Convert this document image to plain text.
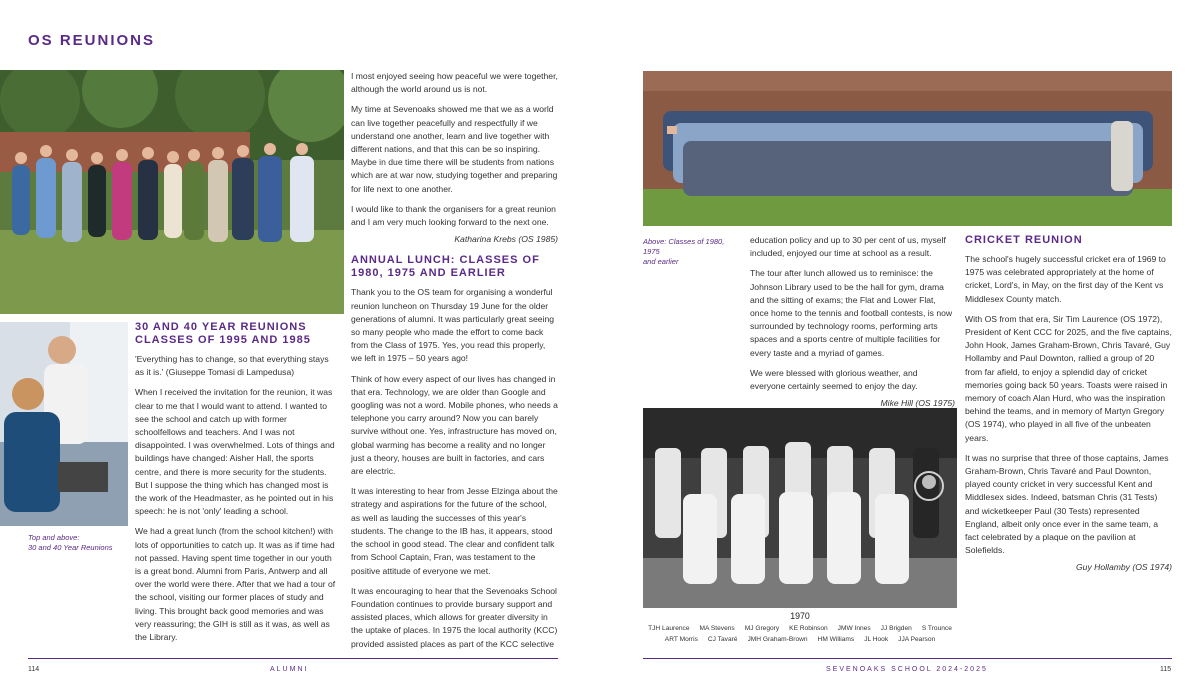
OS REUNIONS
Top and above:
30 and 40 Year Reunions
30 AND 40 YEAR REUNIONS CLASSES OF 1995 AND 1985

'Everything has to change, so that everything stays as it is.' (Giuseppe Tomasi di Lampedusa)

When I received the invitation for the reunion, it was clear to me that I would want to attend. I wanted to see the school and catch up with former schoolfellows and teachers. And I was not disappointed. I was overwhelmed. Lots of things and buildings have changed: Aisher Hall, the sports centre, and there is more security for the students. But I suppose the thing which has changed most is the work of the Headmaster, as he pointed out in his speech: he is not 'only' leading a school.

We had a great lunch (from the school kitchen!) with lots of opportunities to catch up. It was as if time had not passed. Having spent time together in our youth is a great bond. Alumni from Paris, Antwerp and all over the world were there. After that we had a tour of the school, visiting our former places of study and living. This brought back good memories and was very reassuring; the GIH is still as it was, as well as the Library.

I most enjoyed seeing how peaceful we were together, although the world around us is not.

My time at Sevenoaks showed me that we as a world can live together peacefully and respectfully if we understand one another, learn and live together with different nations, and that this can be so inspiring. Maybe in due time there will be students from nations which are at war now, studying together and preparing for life next to one another.

I would like to thank the organisers for a great reunion and I am very much looking forward to the next one.

Katharina Krebs (OS 1985)

ANNUAL LUNCH: CLASSES OF 1980, 1975 AND EARLIER

Thank you to the OS team for organising a wonderful reunion luncheon on Thursday 19 June for the older generations of alumni. It was particularly great seeing so many people who made the effort to come back from the Class of 1975. Yes, you read this properly, we left in 1975 – 50 years ago!

Think of how every aspect of our lives has changed in that era. Technology, we are older than Google and googling was not a word. Mobile phones, who needs a telephone you carry around? Now you can barely survive without one. Yes, infrastructure has moved on, global warming has become a reality and no longer just a theory, houses are built in factories, and cars are electric.

It was interesting to hear from Jesse Elzinga about the strategy and aspirations for the future of the school, as well as lauding the successes of this year's students. The change to the IB has, it appears, stood the school in good stead. The clear and confident talk from School Captain, Fran, was testament to the positive attitude of everyone we met.

It was encouraging to hear that the Sevenoaks School Foundation continues to provide bursary support and assisted places, which allows for greater diversity in the uptake of places. In 1975 the local authority (KCC) provided assisted places as part of the KCC selective

Above: Classes of 1980, 1975
and earlier

education policy and up to 30 per cent of us, myself included, enjoyed our time at school as a result.

The tour after lunch allowed us to reminisce: the Johnson Library used to be the hall for gym, drama and the sitting of exams; the Flat and Lower Flat, once home to the tennis and football contests, is now surrounded by technology rooms, performing arts spaces and a sports centre of multiple facilities for every taste and a myriad of games.

We were blessed with glorious weather, and everyone certainly seemed to enjoy the day.

Mike Hill (OS 1975)

1970
TJH Laurence MA Stevens MJ Gregory KE Robinson JMW Innes JJ Brigden S Trounce
ART Morris CJ Tavaré JMH Graham-Brown HM Williams JL Hook JJA Pearson
CRICKET REUNION

The school's hugely successful cricket era of 1969 to 1975 was celebrated appropriately at the home of cricket, Lord's, in May, on the first day of the Kent vs Middlesex County match.

With OS from that era, Sir Tim Laurence (OS 1972), President of Kent CCC for 2025, and the five captains, John Hook, James Graham-Brown, Chris Tavaré, Guy Hollamby and Paul Downton, rallied a group of 20 from far afield, to enjoy a splendid day of cricket memories going back 50 years. Toasts were raised in memory of coach Alan Hurd, who was the inspiration behind the teams, and in memory of Martyn Gregory (OS 1974), who played in all five of the unbeaten years.

It was no surprise that three of those captains, James Graham-Brown, Chris Tavaré and Paul Downton, played county cricket in very successful Kent and Middlesex sides. Indeed, batsman Chris (31 Tests) and wicketkeeper Paul (30 Tests) represented England, albeit only once ever in the same team, a fact celebrated by a plaque on the pavilion at Solefields.

Guy Hollamby (OS 1974)

114	ALUMNI	SEVENOAKS SCHOOL 2024-2025	115
